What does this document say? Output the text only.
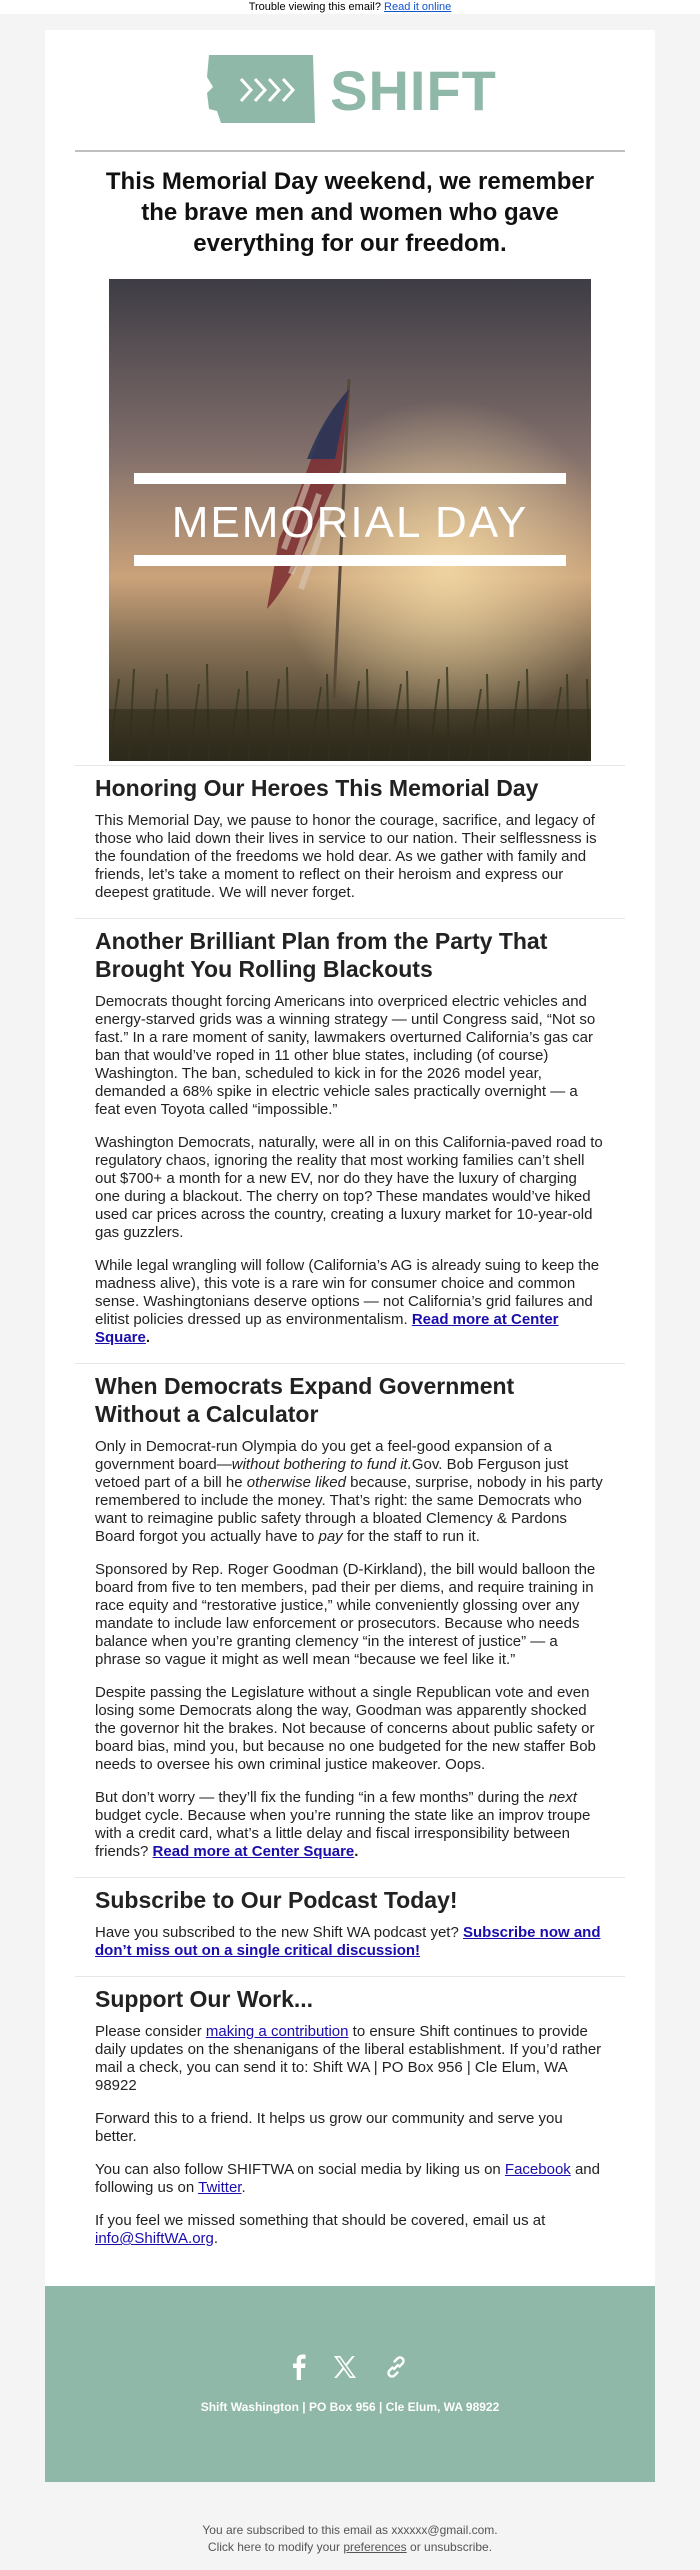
Trouble viewing this email? Read it online
SHIFT
This Memorial Day weekend, we remember the brave men and women who gave everything for our freedom.
MEMORIAL DAY
Honoring Our Heroes This Memorial Day

This Memorial Day, we pause to honor the courage, sacrifice, and legacy of those who laid down their lives in service to our nation. Their selflessness is the foundation of the freedoms we hold dear. As we gather with family and friends, let’s take a moment to reflect on their heroism and express our deepest gratitude. We will never forget.

Another Brilliant Plan from the Party That Brought You Rolling Blackouts

Democrats thought forcing Americans into overpriced electric vehicles and energy-starved grids was a winning strategy — until Congress said, “Not so fast.” In a rare moment of sanity, lawmakers overturned California’s gas car ban that would’ve roped in 11 other blue states, including (of course) Washington. The ban, scheduled to kick in for the 2026 model year, demanded a 68% spike in electric vehicle sales practically overnight — a feat even Toyota called “impossible.”

Washington Democrats, naturally, were all in on this California-paved road to regulatory chaos, ignoring the reality that most working families can’t shell out $700+ a month for a new EV, nor do they have the luxury of charging one during a blackout. The cherry on top? These mandates would’ve hiked used car prices across the country, creating a luxury market for 10-year-old gas guzzlers.

While legal wrangling will follow (California’s AG is already suing to keep the madness alive), this vote is a rare win for consumer choice and common sense. Washingtonians deserve options — not California’s grid failures and elitist policies dressed up as environmentalism. Read more at Center Square.

When Democrats Expand Government Without a Calculator

Only in Democrat-run Olympia do you get a feel-good expansion of a government board—without bothering to fund it.Gov. Bob Ferguson just vetoed part of a bill he otherwise liked because, surprise, nobody in his party remembered to include the money. That’s right: the same Democrats who want to reimagine public safety through a bloated Clemency & Pardons Board forgot you actually have to pay for the staff to run it.

Sponsored by Rep. Roger Goodman (D-Kirkland), the bill would balloon the board from five to ten members, pad their per diems, and require training in race equity and “restorative justice,” while conveniently glossing over any mandate to include law enforcement or prosecutors. Because who needs balance when you’re granting clemency “in the interest of justice” — a phrase so vague it might as well mean “because we feel like it.”

Despite passing the Legislature without a single Republican vote and even losing some Democrats along the way, Goodman was apparently shocked the governor hit the brakes. Not because of concerns about public safety or board bias, mind you, but because no one budgeted for the new staffer Bob needs to oversee his own criminal justice makeover. Oops.

But don’t worry — they’ll fix the funding “in a few months” during the next budget cycle. Because when you’re running the state like an improv troupe with a credit card, what’s a little delay and fiscal irresponsibility between friends? Read more at Center Square.

Subscribe to Our Podcast Today!

Have you subscribed to the new Shift WA podcast yet? Subscribe now and don’t miss out on a single critical discussion!

Support Our Work...

Please consider making a contribution to ensure Shift continues to provide daily updates on the shenanigans of the liberal establishment. If you’d rather mail a check, you can send it to: Shift WA | PO Box 956 | Cle Elum, WA 98922

Forward this to a friend. It helps us grow our community and serve you better.

You can also follow SHIFTWA on social media by liking us on Facebook and following us on Twitter.

If you feel we missed something that should be covered, email us at info@ShiftWA.org.

Shift Washington | PO Box 956 | Cle Elum, WA 98922
You are subscribed to this email as xxxxxx@gmail.com.
Click here to modify your preferences or unsubscribe.
